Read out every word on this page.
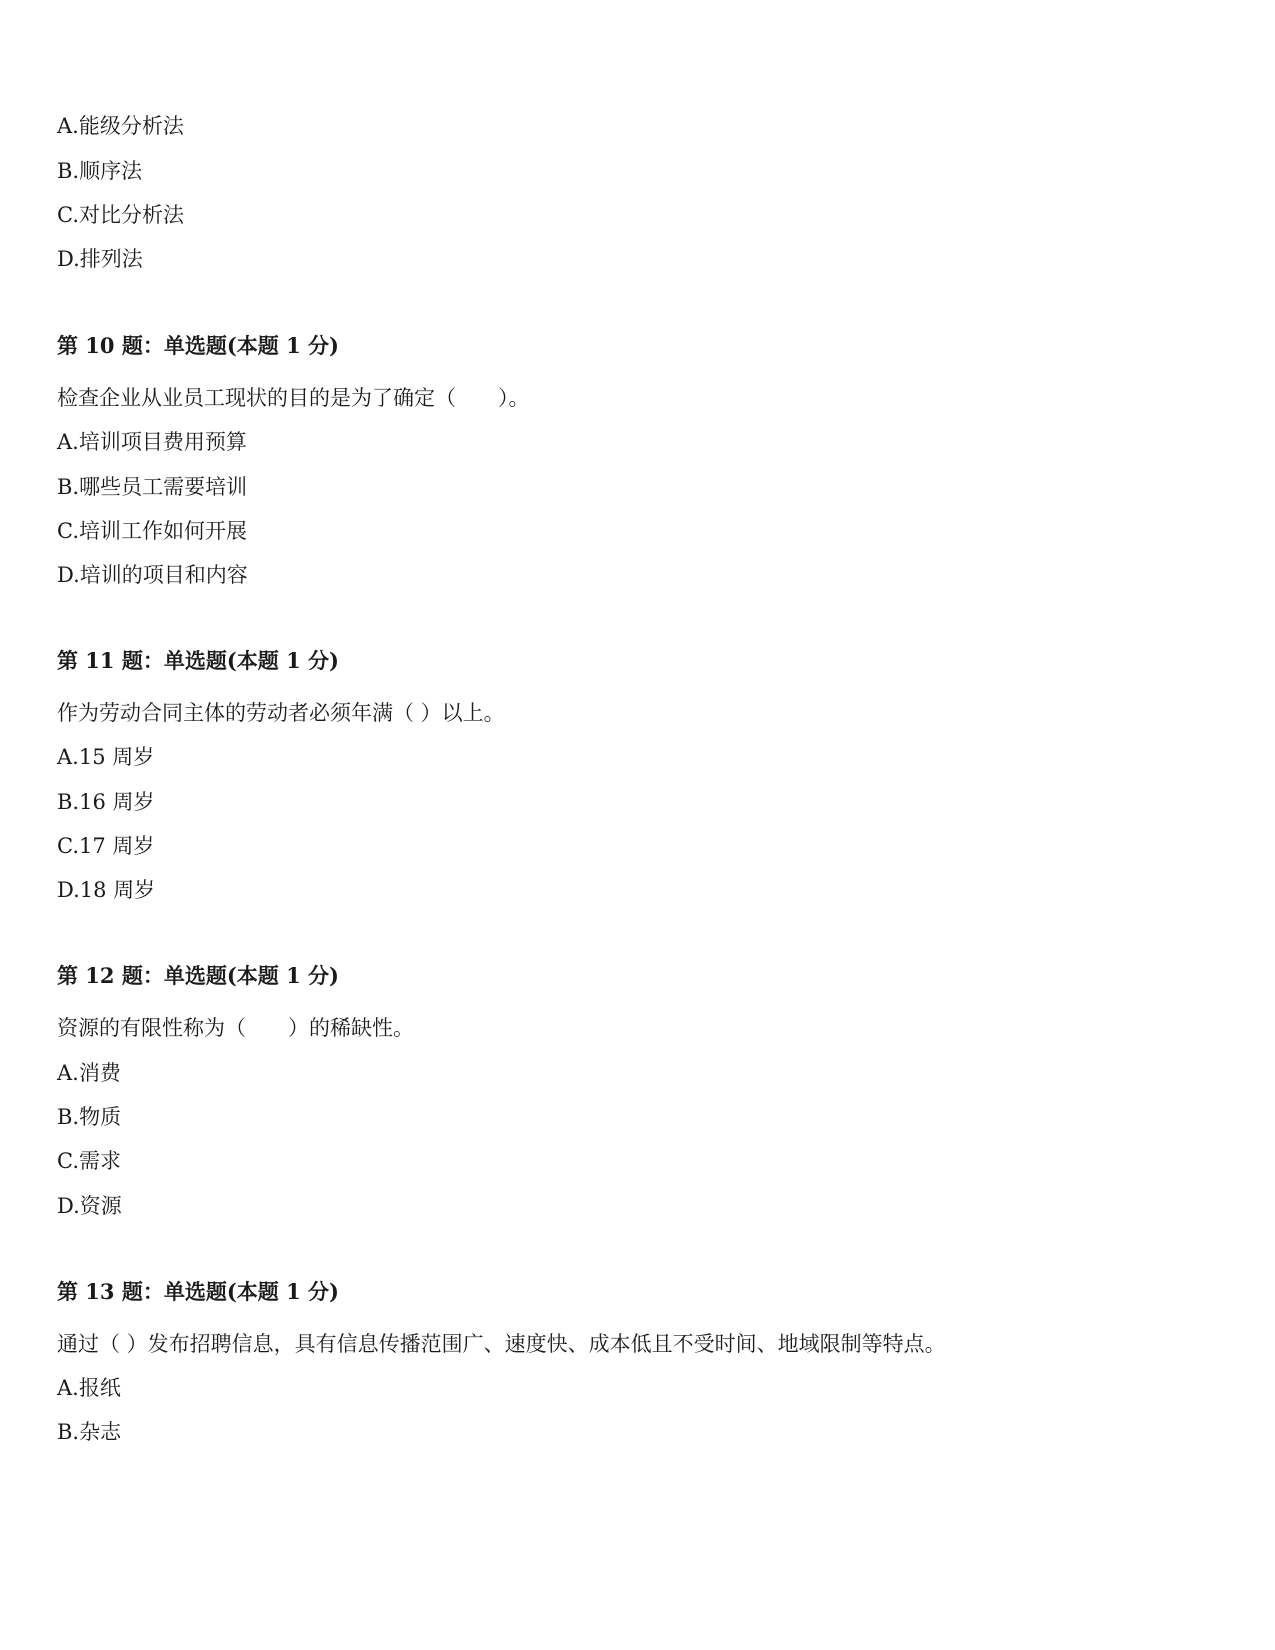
A.能级分析法
B.顺序法
C.对比分析法
D.排列法
第 10 题：单选题(本题 1 分)
检查企业从业员工现状的目的是为了确定（　　）。
A.培训项目费用预算
B.哪些员工需要培训
C.培训工作如何开展
D.培训的项目和内容
第 11 题：单选题(本题 1 分)
作为劳动合同主体的劳动者必须年满（ ）以上。
A.15 周岁
B.16 周岁
C.17 周岁
D.18 周岁
第 12 题：单选题(本题 1 分)
资源的有限性称为（　　）的稀缺性。
A.消费
B.物质
C.需求
D.资源
第 13 题：单选题(本题 1 分)
通过（ ）发布招聘信息，具有信息传播范围广、速度快、成本低且不受时间、地域限制等特点。
A.报纸
B.杂志
